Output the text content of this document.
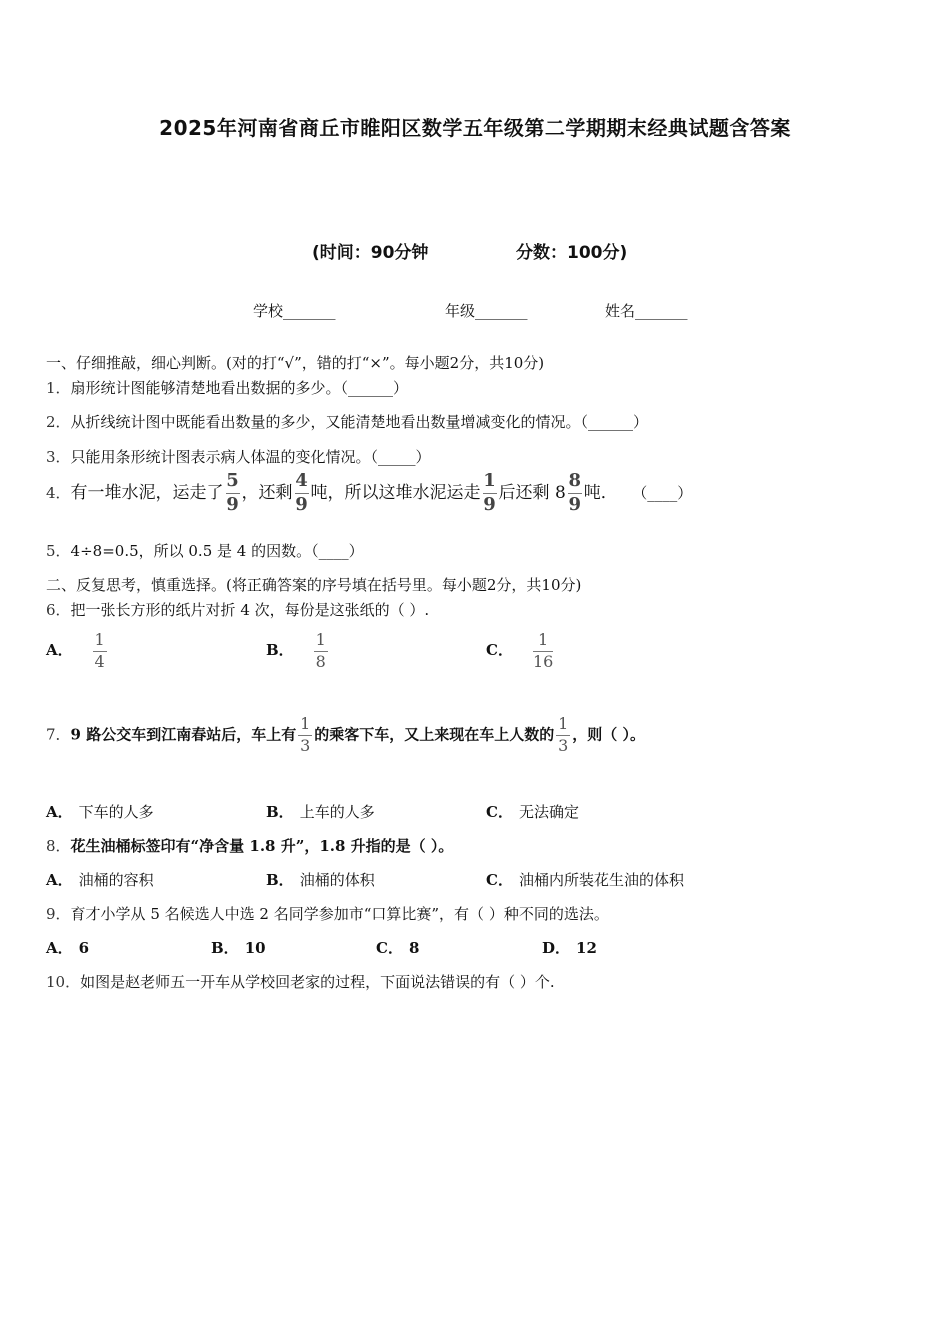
2025年河南省商丘市睢阳区数学五年级第二学期期末经典试题含答案
(时间：90分钟	分数：100分)
学校_______	年级_______	姓名_______
一、仔细推敲，细心判断。(对的打“√”，错的打“×”。每小题2分，共10分)
1．扇形统计图能够清楚地看出数据的多少。（______）
2．从折线统计图中既能看出数量的多少，又能清楚地看出数量增减变化的情况。（______）
3．只能用条形统计图表示病人体温的变化情况。（_____）
4．有一堆水泥，运走了 $\frac{5}{9}$ ，还剩 $\frac{4}{9}$ 吨，所以这堆水泥运走 $\frac{1}{9}$ 后还剩 $8 \frac{8}{9}$ 吨． （____）
5．4÷8=0.5，所以 0.5 是 4 的因数。（____）
二、反复思考，慎重选择。(将正确答案的序号填在括号里。每小题2分，共10分)
6．把一张长方形的纸片对折 4 次，每份是这张纸的（ ）.
A． $\frac{1}{4}$	B． $\frac{1}{8}$	C． $\frac{1}{16}$
7．9 路公交车到江南春站后，车上有 $\frac{1}{3}$ 的乘客下车，又上来现在车上人数的 $\frac{1}{3}$ ，则（ ）。
A． 下车的人多	B． 上车的人多	C． 无法确定
8．花生油桶标签印有“净含量 1.8 升”，1.8 升指的是（ ）。
A． 油桶的容积	B． 油桶的体积	C． 油桶内所装花生油的体积
9．育才小学从 5 名候选人中选 2 名同学参加市“口算比赛”，有（ ）种不同的选法。
A． 6	B． 10	C． 8	D． 12
10．如图是赵老师五一开车从学校回老家的过程，下面说法错误的有（ ）个.
